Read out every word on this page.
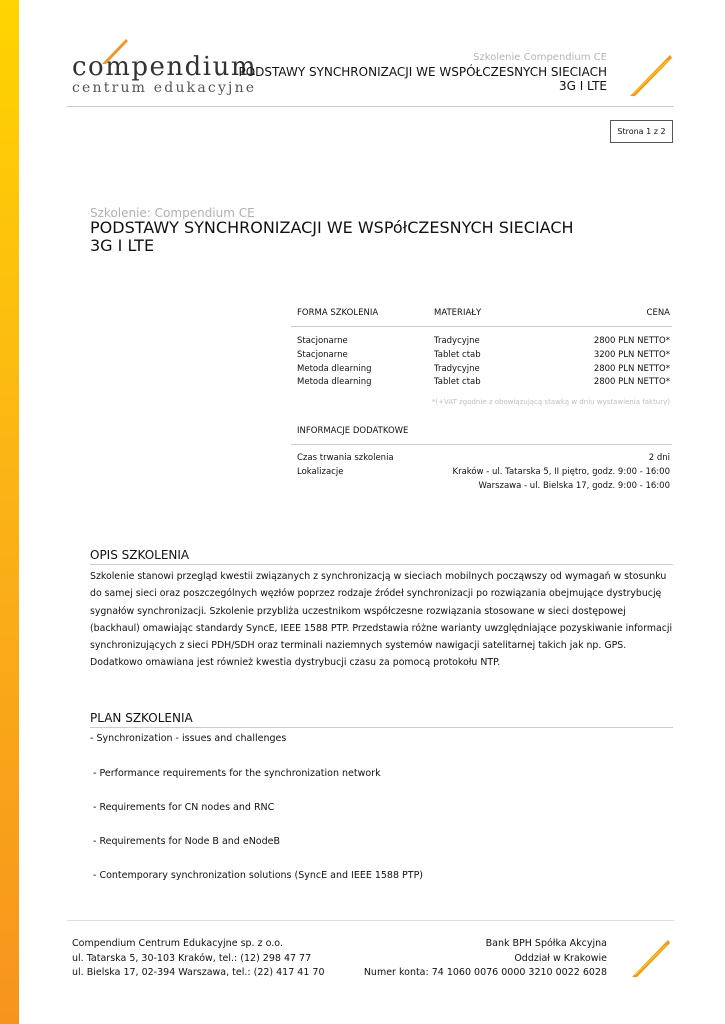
compendium
centrum edukacyjne
Szkolenie Compendium CE
PODSTAWY SYNCHRONIZACJI WE WSPÓŁCZESNYCH SIECIACH
3G I LTE
Strona 1 z 2
Szkolenie: Compendium CE
PODSTAWY SYNCHRONIZACJI WE WSPółCZESNYCH SIECIACH
3G I LTE
FORMA SZKOLENIA	MATERIAŁY	CENA
Stacjonarne	Tradycyjne	2800 PLN NETTO*
Stacjonarne	Tablet ctab	3200 PLN NETTO*
Metoda dlearning	Tradycyjne	2800 PLN NETTO*
Metoda dlearning	Tablet ctab	2800 PLN NETTO*
*(+VAT zgodnie z obowiązującą stawką w dniu wystawienia faktury)
INFORMACJE DODATKOWE
Czas trwania szkolenia	2 dni
Lokalizacje	Kraków - ul. Tatarska 5, II piętro, godz. 9:00 - 16:00
Warszawa - ul. Bielska 17, godz. 9:00 - 16:00
OPIS SZKOLENIA
Szkolenie stanowi przegląd kwestii związanych z synchronizacją w sieciach mobilnych począwszy od wymagań w stosunku do samej sieci oraz poszczególnych węzłów poprzez rodzaje źródeł synchronizacji po rozwiązania obejmujące dystrybucję sygnałów synchronizacji. Szkolenie przybliża uczestnikom współczesne rozwiązania stosowane w sieci dostępowej (backhaul) omawiając standardy SyncE, IEEE 1588 PTP. Przedstawia różne warianty uwzględniające pozyskiwanie informacji synchronizujących z sieci PDH/SDH oraz terminali naziemnych systemów nawigacji satelitarnej takich jak np. GPS. Dodatkowo omawiana jest również kwestia dystrybucji czasu za pomocą protokołu NTP.
PLAN SZKOLENIA
- Synchronization - issues and challenges
- Performance requirements for the synchronization network
- Requirements for CN nodes and RNC
- Requirements for Node B and eNodeB
- Contemporary synchronization solutions (SyncE and IEEE 1588 PTP)
Compendium Centrum Edukacyjne sp. z o.o.
ul. Tatarska 5, 30-103 Kraków, tel.: (12) 298 47 77
ul. Bielska 17, 02-394 Warszawa, tel.: (22) 417 41 70
Bank BPH Spółka Akcyjna
Oddział w Krakowie
Numer konta: 74 1060 0076 0000 3210 0022 6028
